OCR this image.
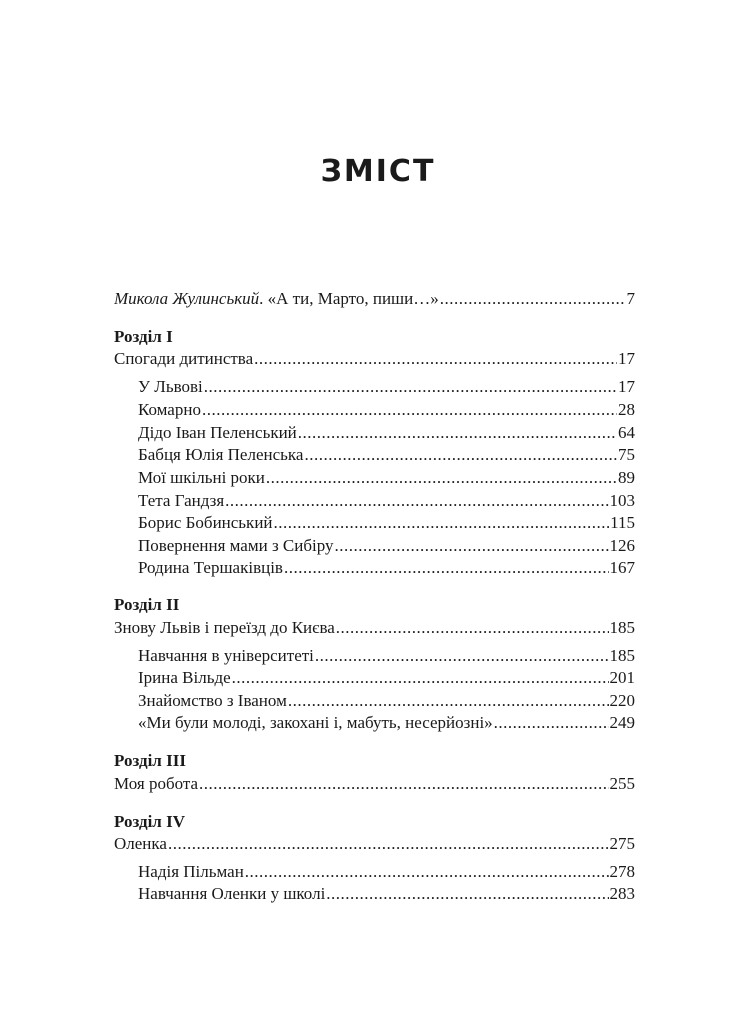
ЗМІСТ
Микола Жулинський. «А ти, Марто, пиши…» .....	7
Розділ I
Спогади дитинства .....	17
У Львові .....	17
Комарно .....	28
Дідо Іван Пеленський .....	64
Бабця Юлія Пеленська .....	75
Мої шкільні роки .....	89
Тета Гандзя .....	103
Борис Бобинський .....	115
Повернення мами з Сибіру .....	126
Родина Тершаківців .....	167
Розділ II
Знову Львів і переїзд до Києва .....	185
Навчання в університеті .....	185
Ірина Вільде .....	201
Знайомство з Іваном .....	220
«Ми були молоді, закохані і, мабуть, несерйозні» .....	249
Розділ III
Моя робота .....	255
Розділ IV
Оленка .....	275
Надія Пільман .....	278
Навчання Оленки у школі .....	283
